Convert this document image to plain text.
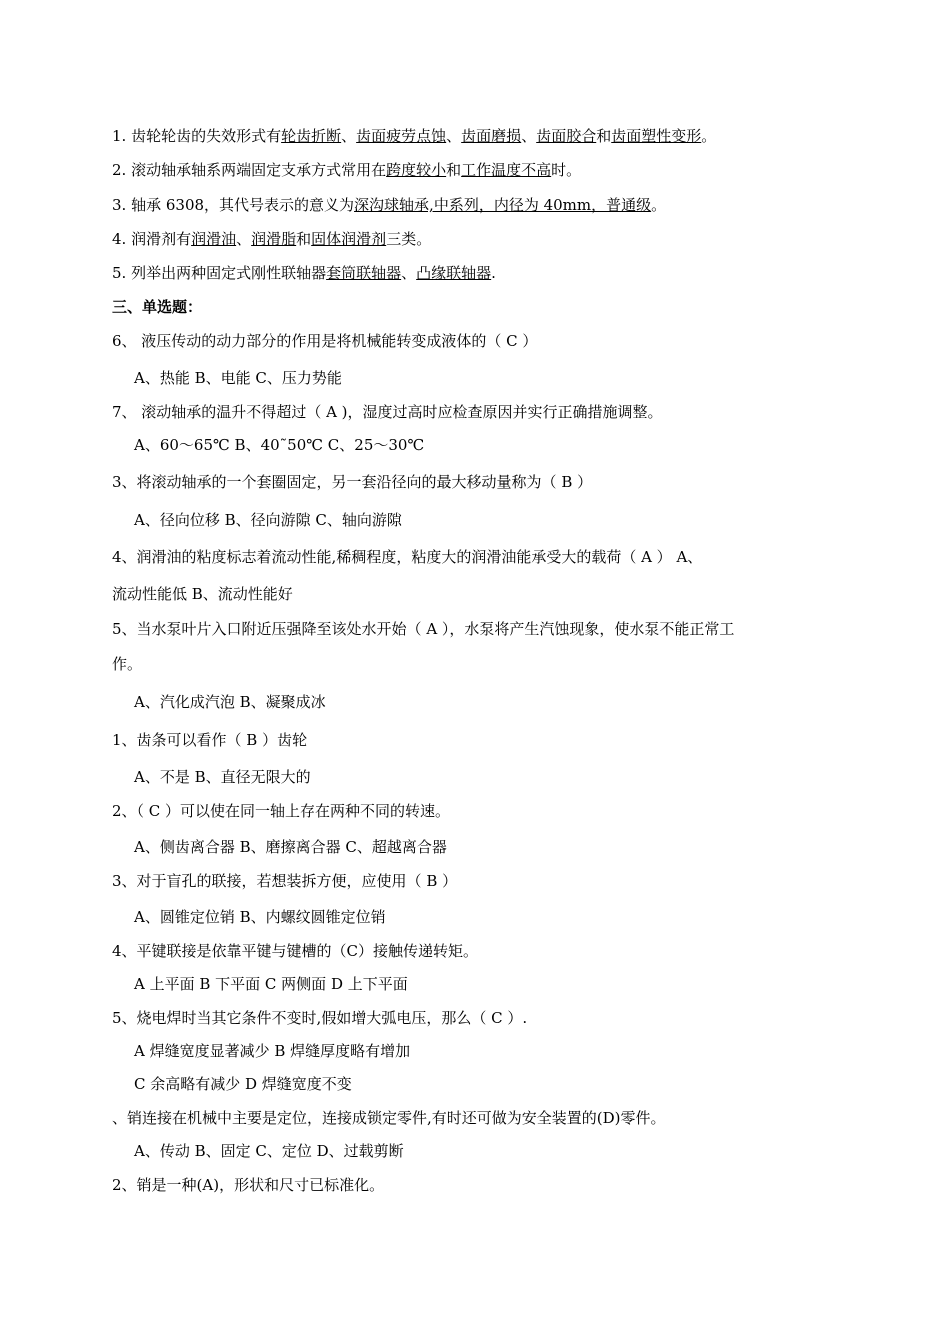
1. 齿轮轮齿的失效形式有轮齿折断、齿面疲劳点蚀、齿面磨损、齿面胶合和齿面塑性变形。
2. 滚动轴承轴系两端固定支承方式常用在跨度较小和工作温度不高时。
3. 轴承 6308，其代号表示的意义为深沟球轴承,中系列，内径为 40mm，普通级。
4. 润滑剂有润滑油、润滑脂和固体润滑剂三类。
5. 列举出两种固定式刚性联轴器套筒联轴器、凸缘联轴器.
三、单选题：
6、 液压传动的动力部分的作用是将机械能转变成液体的（ C ）
A、热能 B、电能 C、压力势能
7、 滚动轴承的温升不得超过（ A )，湿度过高时应检查原因并实行正确措施调整。
A、60～65℃ B、40˜50℃ C、25～30℃
3、将滚动轴承的一个套圈固定，另一套沿径向的最大移动量称为（ B ）
A、径向位移 B、径向游隙 C、轴向游隙
4、润滑油的粘度标志着流动性能,稀稠程度，粘度大的润滑油能承受大的载荷（ A ） A、
流动性能低 B、流动性能好
5、当水泵叶片入口附近压强降至该处水开始（ A ），水泵将产生汽蚀现象，使水泵不能正常工
作。
A、汽化成汽泡 B、凝聚成冰
1、齿条可以看作（ B ）齿轮
A、不是 B、直径无限大的
2、（ C ）可以使在同一轴上存在两种不同的转速。
A、侧齿离合器 B、磨擦离合器 C、超越离合器
3、对于盲孔的联接，若想装拆方便，应使用（ B ）
A、圆锥定位销 B、内螺纹圆锥定位销
4、平键联接是依靠平键与键槽的（C）接触传递转矩。
A 上平面 B 下平面 C 两侧面 D 上下平面
5、烧电焊时当其它条件不变时,假如增大弧电压，那么（ C ）.
A 焊缝宽度显著减少 B 焊缝厚度略有增加
C 余高略有减少 D 焊缝宽度不变
、销连接在机械中主要是定位，连接成锁定零件,有时还可做为安全装置的(D)零件。
A、传动 B、固定 C、定位 D、过载剪断
2、销是一种(A)，形状和尺寸已标准化。
